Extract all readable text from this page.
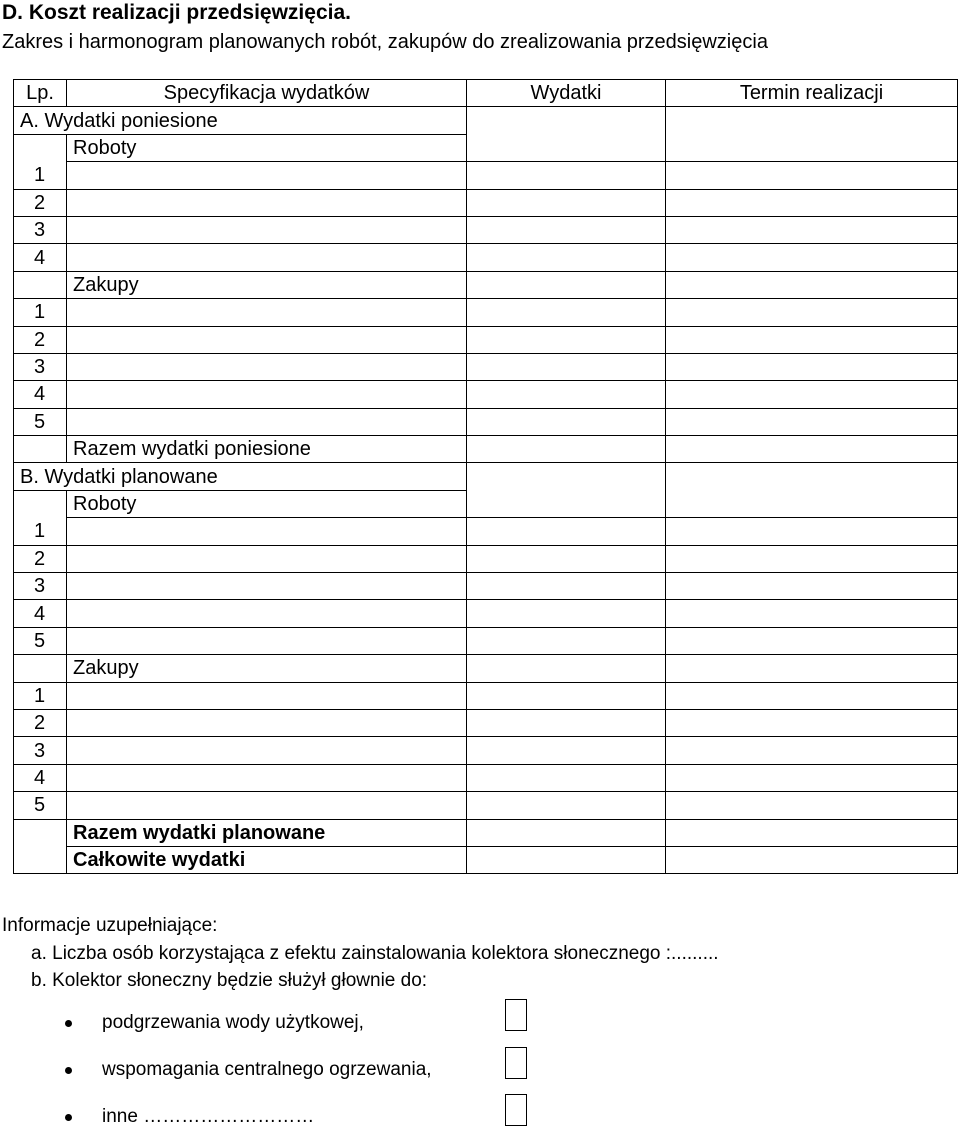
D. Koszt realizacji przedsięwzięcia.
Zakres i harmonogram planowanych robót, zakupów do zrealizowania przedsięwzięcia
Lp.	Specyfikacja wydatków	Wydatki	Termin realizacji
A. Wydatki poniesione			
	Roboty		
1			
2			
3			
4			
	Zakupy		
1			
2			
3			
4			
5			
	Razem wydatki poniesione		
B. Wydatki planowane			
	Roboty		
1			
2			
3			
4			
5			
	Zakupy		
1			
2			
3			
4			
5			
	Razem wydatki planowane		
	Całkowite wydatki		
Informacje uzupełniające:
a. Liczba osób korzystająca z efektu zainstalowania kolektora słonecznego :.........
b. Kolektor słoneczny będzie służył głownie do:
podgrzewania wody użytkowej,
wspomagania centralnego ogrzewania,
inne ………………………
